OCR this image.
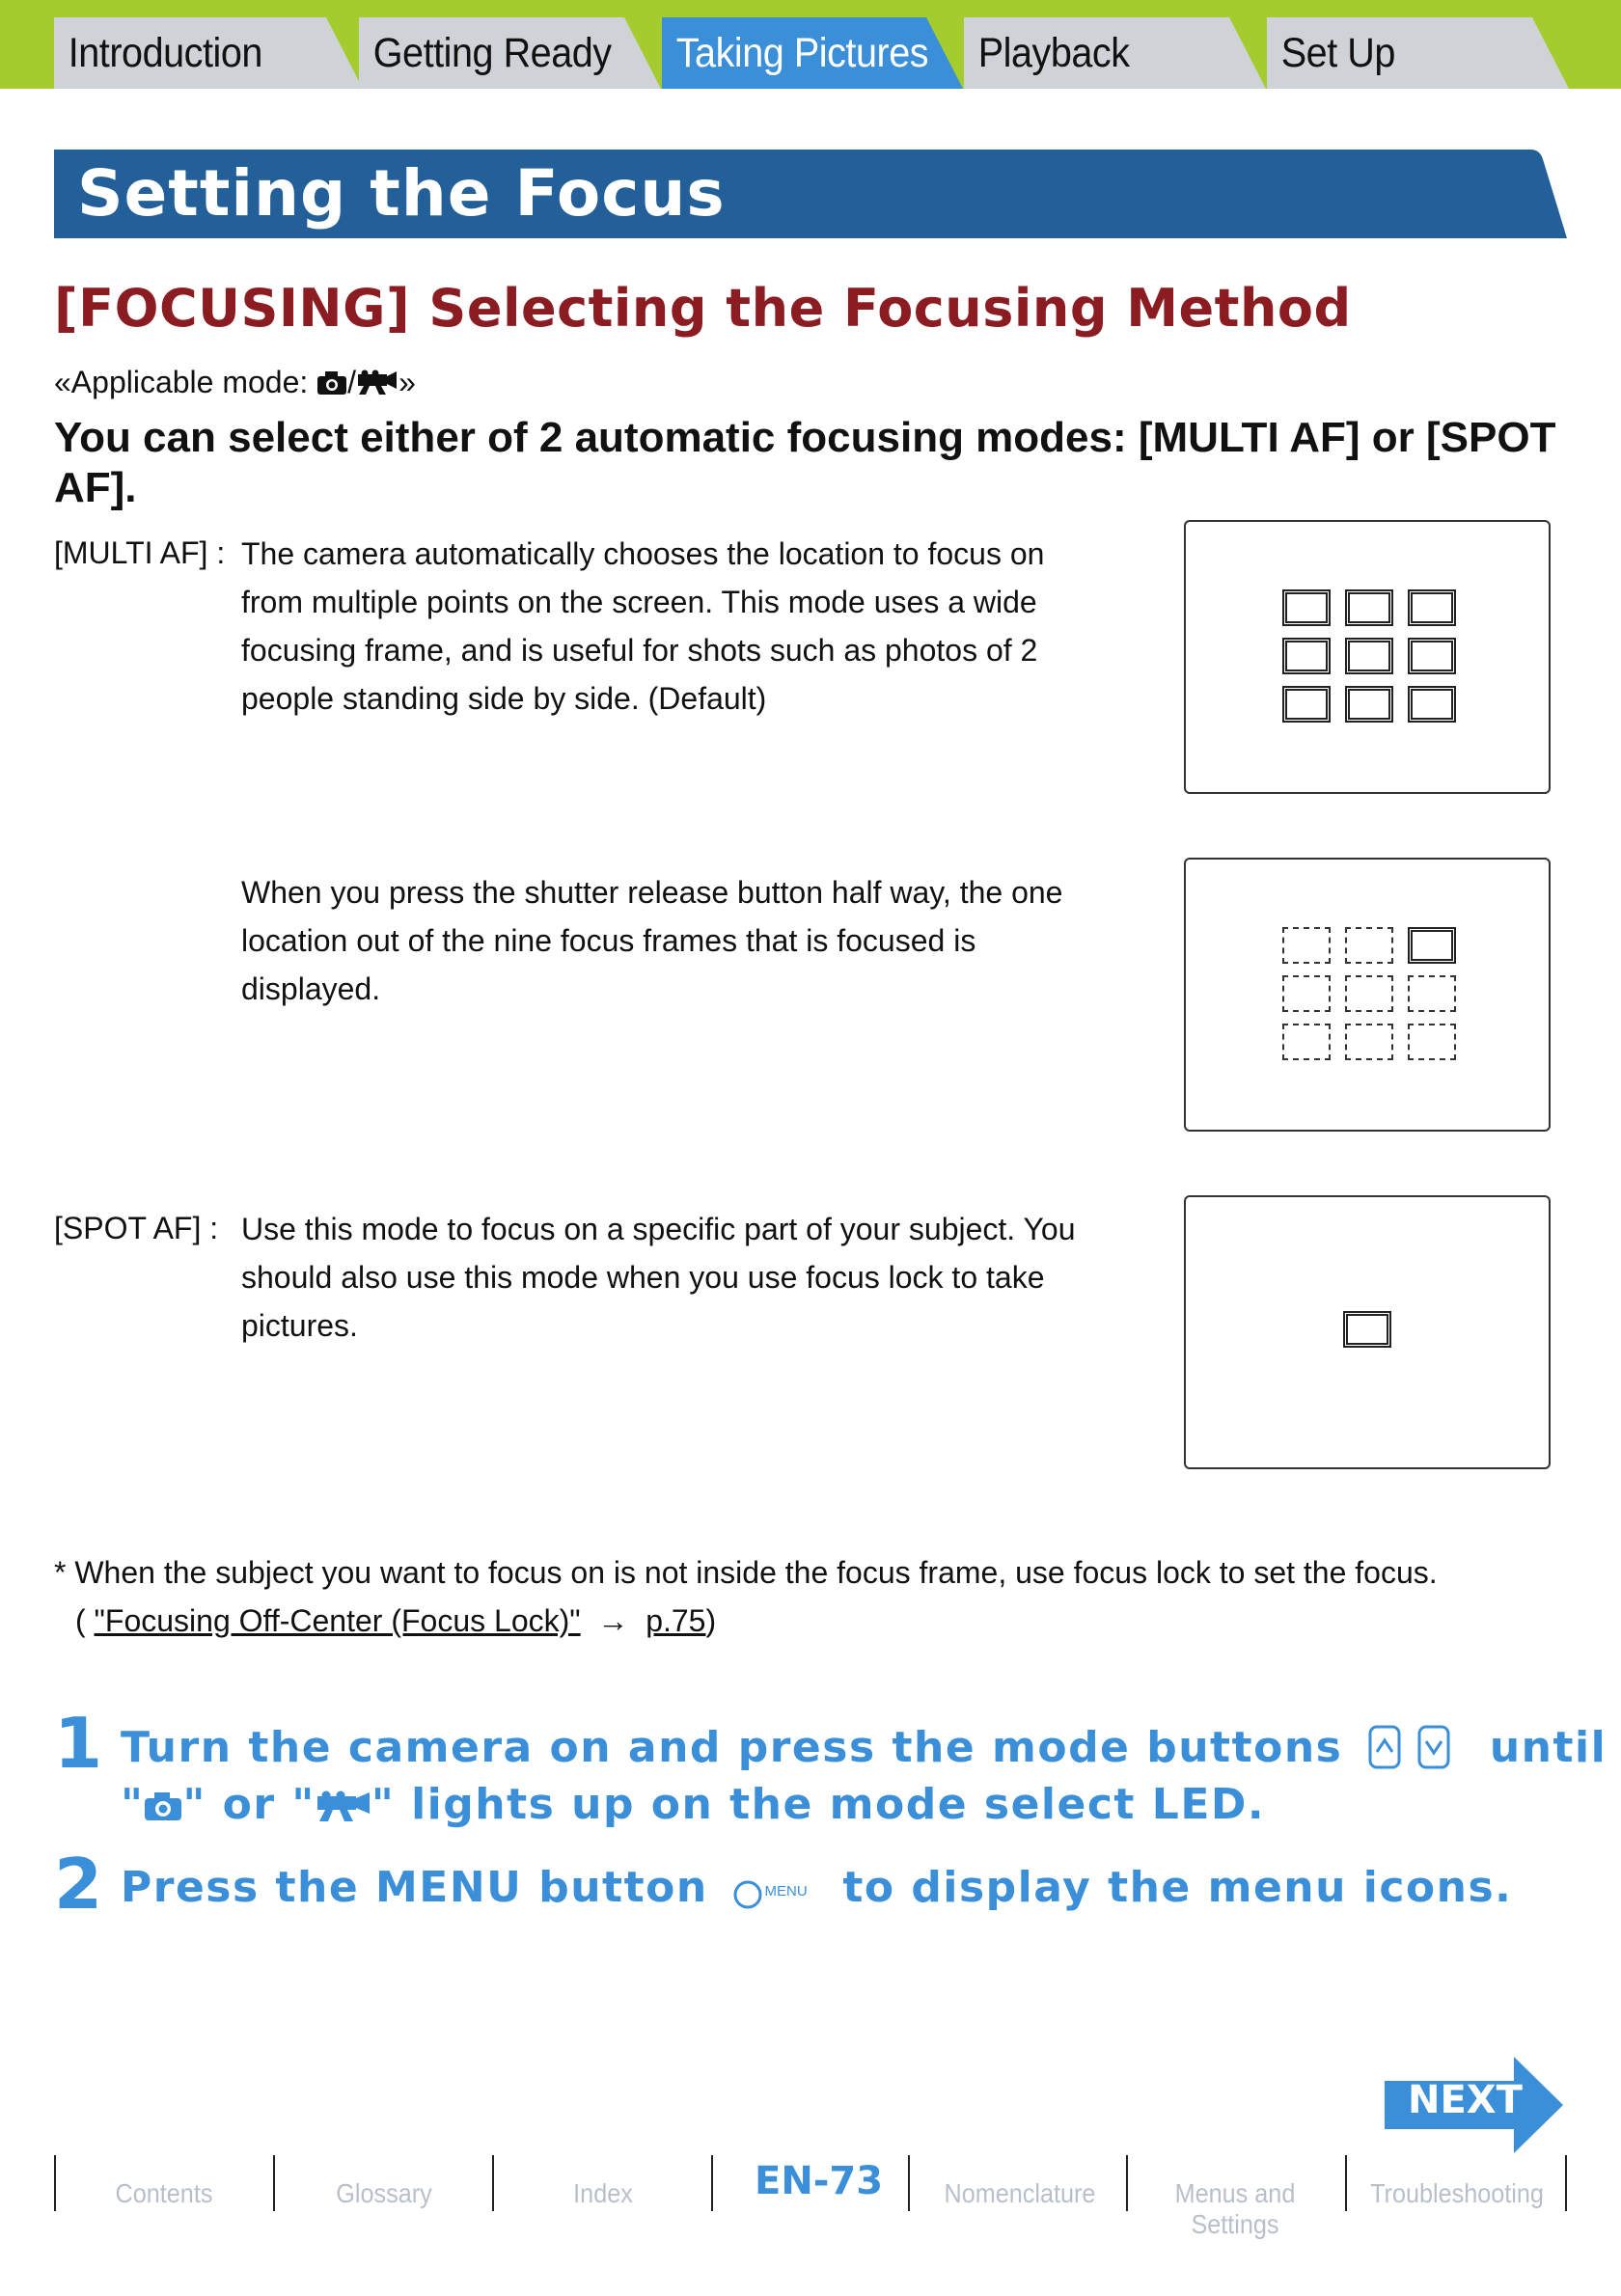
Introduction	Getting Ready	Taking Pictures	Playback	Set Up
Setting the Focus
[FOCUSING] Selecting the Focusing Method
«Applicable mode: / »
You can select either of 2 automatic focusing modes: [MULTI AF] or [SPOT AF].
[MULTI AF] : The camera automatically chooses the location to focus on from multiple points on the screen. This mode uses a wide focusing frame, and is useful for shots such as photos of 2 people standing side by side. (Default)
When you press the shutter release button half way, the one location out of the nine focus frames that is focused is displayed.
[SPOT AF] : Use this mode to focus on a specific part of your subject. You should also use this mode when you use focus lock to take pictures.
* When the subject you want to focus on is not inside the focus frame, use focus lock to set the focus.
( "Focusing Off-Center (Focus Lock)" → p.75)
1 Turn the camera on and press the mode buttons	until
" " or " " lights up on the mode select LED.
2 Press the MENU button	MENU to display the menu icons.
NEXT
Contents	Glossary	Index	EN-73 Nomenclature	Menus and Settings
Troubleshooting
